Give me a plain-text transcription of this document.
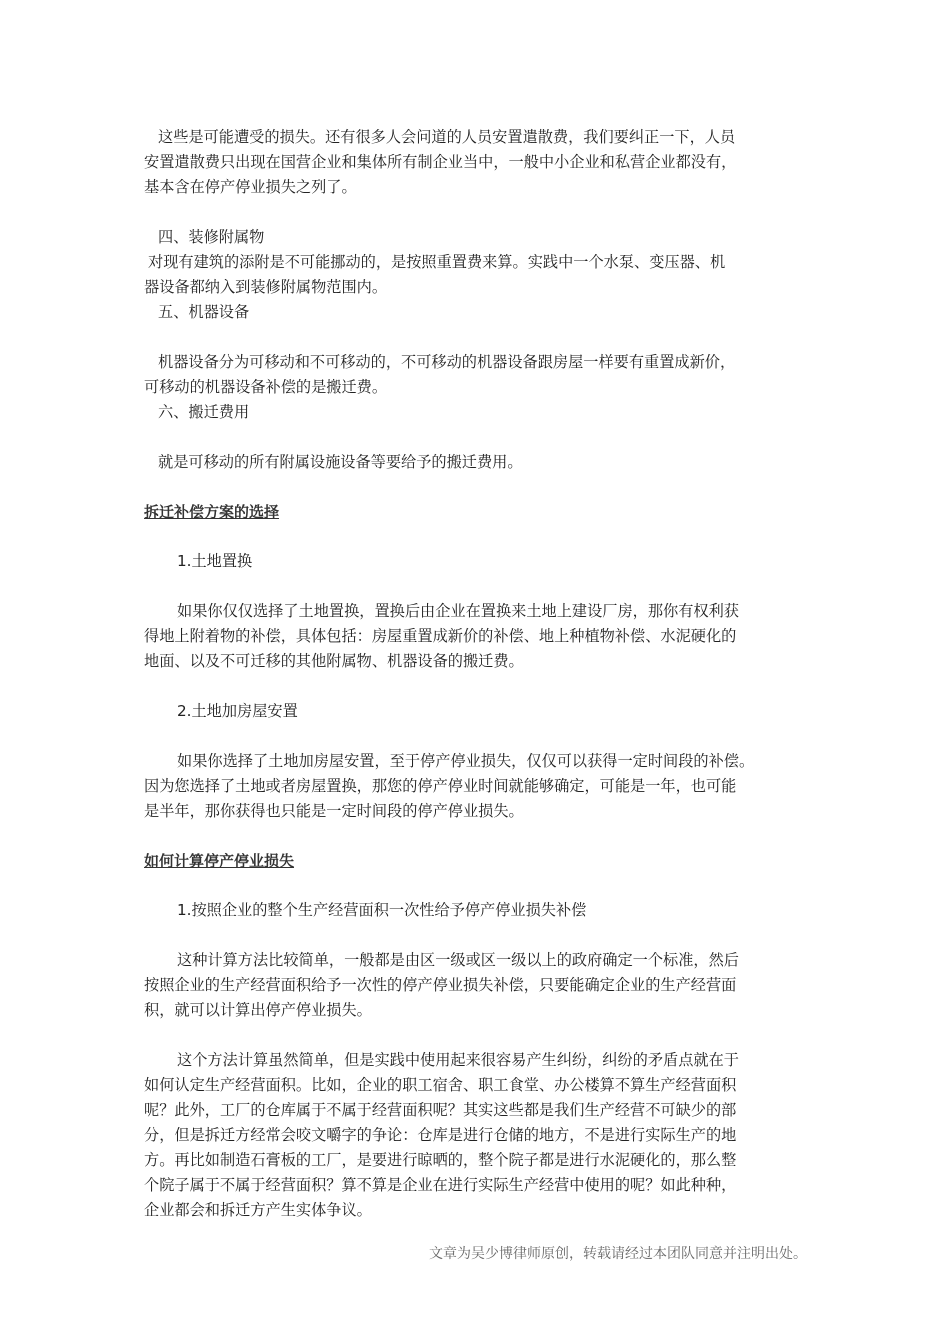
这些是可能遭受的损失。还有很多人会问道的人员安置遣散费，我们要纠正一下，人员
安置遣散费只出现在国营企业和集体所有制企业当中，一般中小企业和私营企业都没有，
基本含在停产停业损失之列了。
四、装修附属物
对现有建筑的添附是不可能挪动的，是按照重置费来算。实践中一个水泵、变压器、机
器设备都纳入到装修附属物范围内。
五、机器设备
机器设备分为可移动和不可移动的，不可移动的机器设备跟房屋一样要有重置成新价，
可移动的机器设备补偿的是搬迁费。
六、搬迁费用
就是可移动的所有附属设施设备等要给予的搬迁费用。
拆迁补偿方案的选择
1.土地置换
如果你仅仅选择了土地置换，置换后由企业在置换来土地上建设厂房，那你有权利获
得地上附着物的补偿，具体包括：房屋重置成新价的补偿、地上种植物补偿、水泥硬化的
地面、以及不可迁移的其他附属物、机器设备的搬迁费。
2.土地加房屋安置
如果你选择了土地加房屋安置，至于停产停业损失，仅仅可以获得一定时间段的补偿。
因为您选择了土地或者房屋置换，那您的停产停业时间就能够确定，可能是一年，也可能
是半年，那你获得也只能是一定时间段的停产停业损失。
如何计算停产停业损失
1.按照企业的整个生产经营面积一次性给予停产停业损失补偿
这种计算方法比较简单，一般都是由区一级或区一级以上的政府确定一个标准，然后
按照企业的生产经营面积给予一次性的停产停业损失补偿，只要能确定企业的生产经营面
积，就可以计算出停产停业损失。
这个方法计算虽然简单，但是实践中使用起来很容易产生纠纷，纠纷的矛盾点就在于
如何认定生产经营面积。比如，企业的职工宿舍、职工食堂、办公楼算不算生产经营面积
呢？此外，工厂的仓库属于不属于经营面积呢？其实这些都是我们生产经营不可缺少的部
分，但是拆迁方经常会咬文嚼字的争论：仓库是进行仓储的地方，不是进行实际生产的地
方。再比如制造石膏板的工厂，是要进行晾晒的，整个院子都是进行水泥硬化的，那么整
个院子属于不属于经营面积？算不算是企业在进行实际生产经营中使用的呢？如此种种，
企业都会和拆迁方产生实体争议。
文章为吴少博律师原创，转载请经过本团队同意并注明出处。
